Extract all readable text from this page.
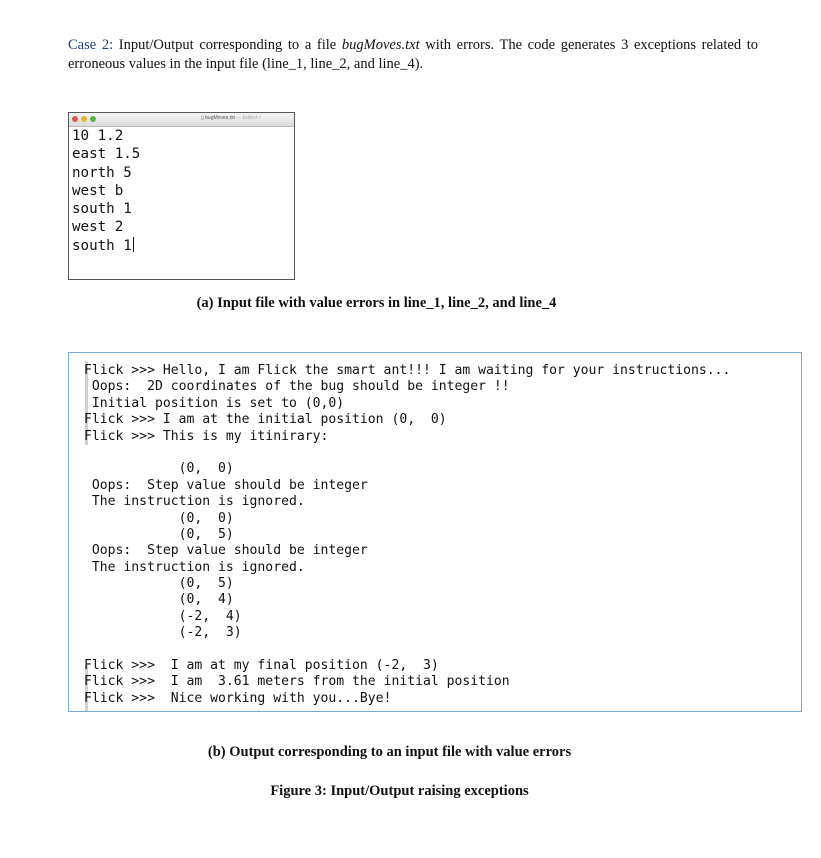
Case 2: Input/Output corresponding to a file bugMoves.txt with errors. The code generates 3 exceptions related to erroneous values in the input file (line_1, line_2, and line_4).
▯ bugMoves.txt — Edited ˅
10 1.2
east 1.5
north 5
west b
south 1
west 2
south 1
(a) Input file with value errors in line_1, line_2, and line_4
Flick >>> Hello, I am Flick the smart ant!!! I am waiting for your instructions...
Oops:  2D coordinates of the bug should be integer !!
Initial position is set to (0,0)
Flick >>> I am at the initial position (0,  0)
Flick >>> This is my itinirary:
(0,  0)
Oops:  Step value should be integer
The instruction is ignored.
(0,  0)
(0,  5)
Oops:  Step value should be integer
The instruction is ignored.
(0,  5)
(0,  4)
(-2,  4)
(-2,  3)
Flick >>>  I am at my final position (-2,  3)
Flick >>>  I am  3.61 meters from the initial position
Flick >>>  Nice working with you...Bye!
(b) Output corresponding to an input file with value errors
Figure 3: Input/Output raising exceptions
